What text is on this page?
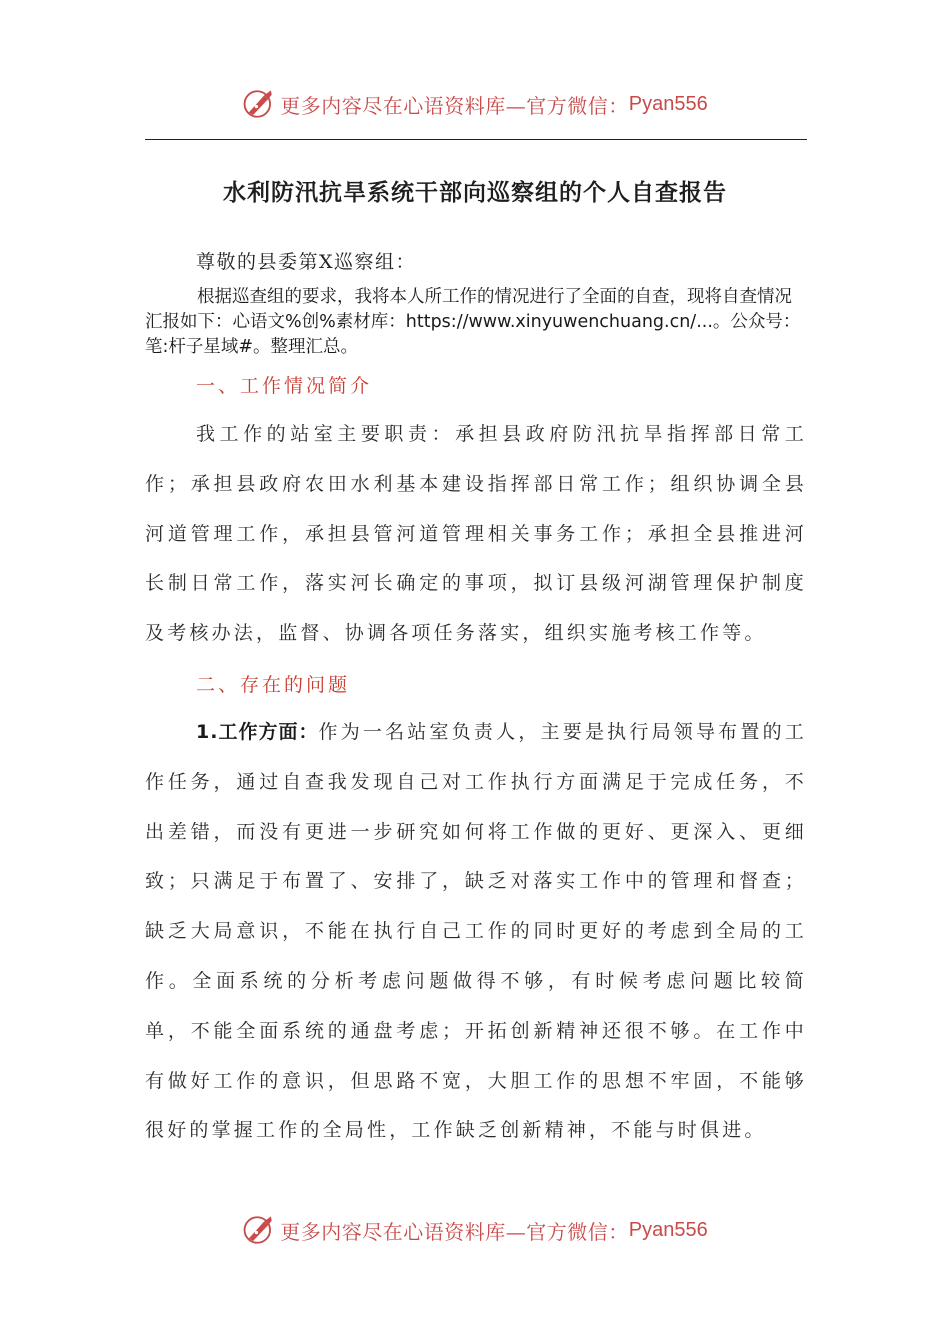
更多内容尽在心语资料库—官方微信： Pyan556
水利防汛抗旱系统干部向巡察组的个人自查报告
尊敬的县委第X巡察组：
根据巡查组的要求，我将本人所工作的情况进行了全面的自查，现将自查情况汇报如下：心语文%创%素材库：https://www.xinyuwenchuang.cn/...。公众号：笔:杆子星域#。整理汇总。
一、工作情况简介
我工作的站室主要职责：承担县政府防汛抗旱指挥部日常工作；承担县政府农田水利基本建设指挥部日常工作；组织协调全县河道管理工作，承担县管河道管理相关事务工作；承担全县推进河长制日常工作，落实河长确定的事项，拟订县级河湖管理保护制度及考核办法，监督、协调各项任务落实，组织实施考核工作等。
二、存在的问题
1.工作方面：作为一名站室负责人，主要是执行局领导布置的工作任务，通过自查我发现自己对工作执行方面满足于完成任务，不出差错，而没有更进一步研究如何将工作做的更好、更深入、更细致；只满足于布置了、安排了，缺乏对落实工作中的管理和督查；缺乏大局意识，不能在执行自己工作的同时更好的考虑到全局的工作。全面系统的分析考虑问题做得不够，有时候考虑问题比较简单，不能全面系统的通盘考虑；开拓创新精神还很不够。在工作中有做好工作的意识，但思路不宽，大胆工作的思想不牢固，不能够很好的掌握工作的全局性，工作缺乏创新精神，不能与时俱进。
更多内容尽在心语资料库—官方微信： Pyan556
